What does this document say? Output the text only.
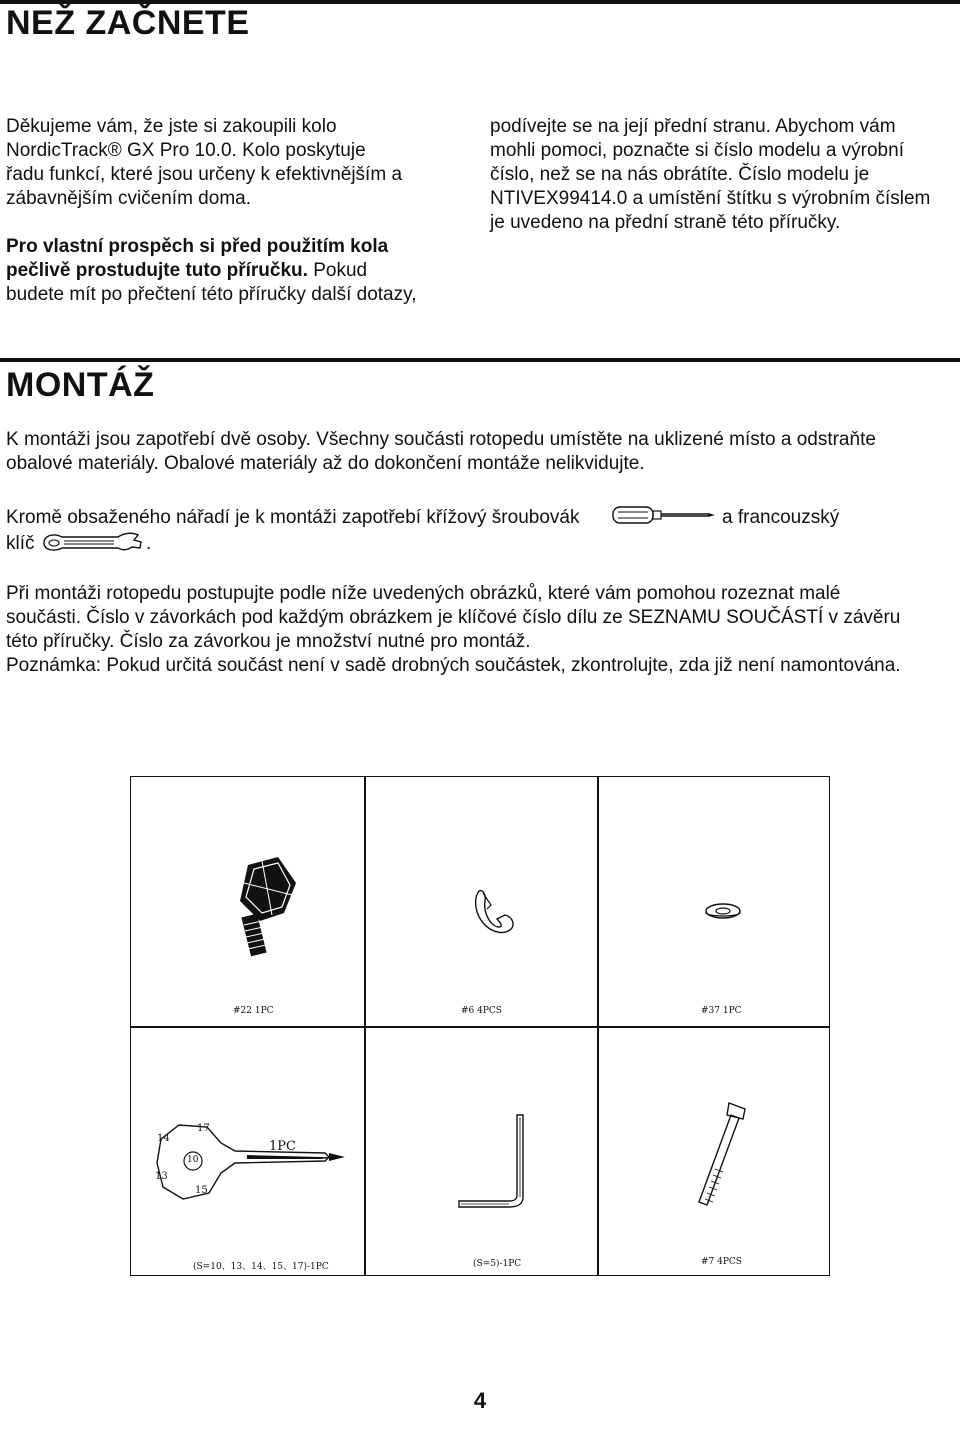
NEŽ ZAČNETE

Děkujeme vám, že jste si zakoupili kolo

NordicTrack® GX Pro 10.0. Kolo poskytuje

řadu funkcí, které jsou určeny k efektivnějším a

zábavnějším cvičením doma.

Pro vlastní prospěch si před použitím kola

pečlivě prostudujte tuto příručku. Pokud

budete mít po přečtení této příručky další dotazy,

podívejte se na její přední stranu. Abychom vám

mohli pomoci, poznačte si číslo modelu a výrobní

číslo, než se na nás obrátíte. Číslo modelu je

NTIVEX99414.0 a umístění štítku s výrobním číslem

je uvedeno na přední straně této příručky.

MONTÁŽ

K montáži jsou zapotřebí dvě osoby. Všechny součásti rotopedu umístěte na uklizené místo a odstraňte

obalové materiály. Obalové materiály až do dokončení montáže nelikvidujte.

Kromě obsaženého nářadí je k montáži zapotřebí křížový šroubovák	a francouzský

klíč	.

Při montáži rotopedu postupujte podle níže uvedených obrázků, které vám pomohou rozeznat malé

součásti. Číslo v závorkách pod každým obrázkem je klíčové číslo dílu ze SEZNAMU SOUČÁSTÍ v závěru

této příručky. Číslo za závorkou je množství nutné pro montáž.

Poznámka: Pokud určitá součást není v sadě drobných součástek, zkontrolujte, zda již není namontována.

#22 1PC	#6 4PCS	#37 1PC
17
14
10
13
15
1PC
(S=10、13、14、15、17)-1PC	(S=5)-1PC	#7 4PCS
4
